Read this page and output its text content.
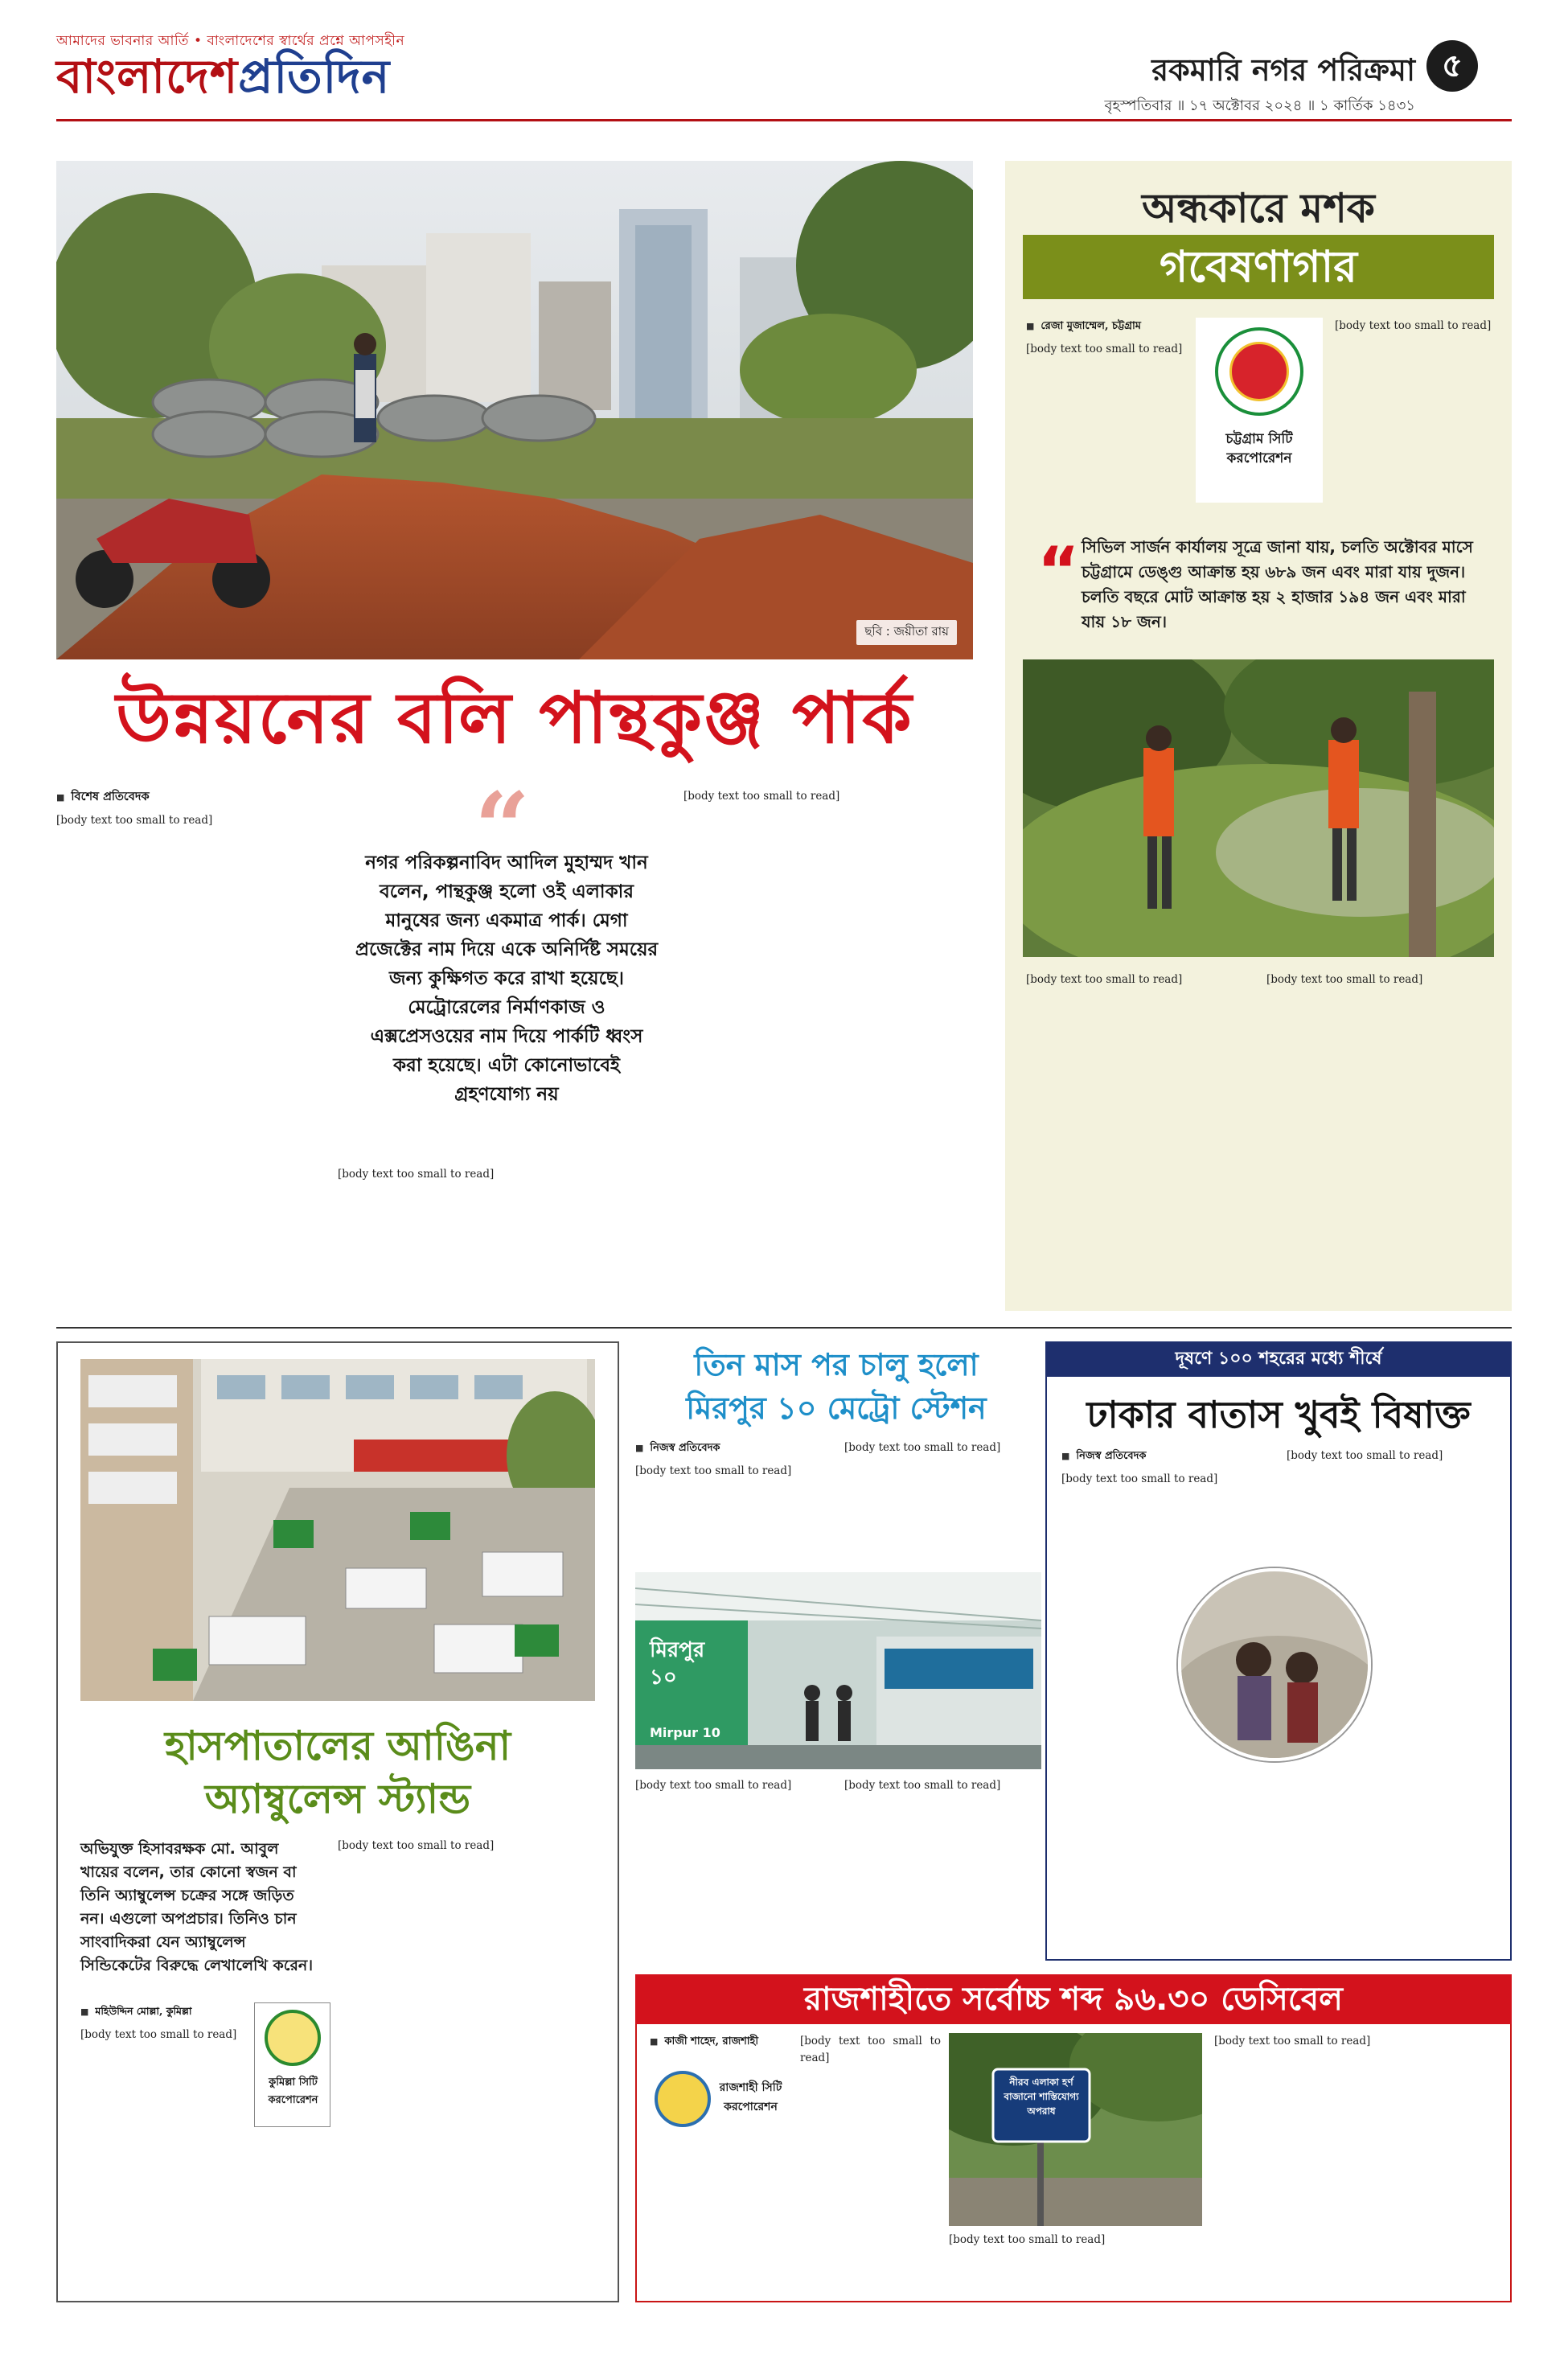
আমাদের ভাবনার আর্তি • বাংলাদেশের স্বার্থের প্রশ্নে আপসহীন
বাংলাদেশপ্রতিদিন	রকমারি নগর পরিক্রমা ৫
বৃহস্পতিবার ॥ ১৭ অক্টোবর ২০২৪ ॥ ১ কার্তিক ১৪৩১
ছবি : জয়ীতা রায়
উন্নয়নের বলি পান্থকুঞ্জ পার্ক
■ বিশেষ প্রতিবেদক

[body text too small to read]	“
নগর পরিকল্পনাবিদ আদিল মুহাম্মদ খান বলেন, পান্থকুঞ্জ হলো ওই এলাকার মানুষের জন্য একমাত্র পার্ক। মেগা প্রজেক্টের নাম দিয়ে একে অনির্দিষ্ট সময়ের জন্য কুক্ষিগত করে রাখা হয়েছে। মেট্রোরেলের নির্মাণকাজ ও এক্সপ্রেসওয়ের নাম দিয়ে পার্কটি ধ্বংস করা হয়েছে। এটা কোনোভাবেই গ্রহণযোগ্য নয়

[body text too small to read]

[body text too small to read]

অন্ধকারে মশক
গবেষণাগার
■ রেজা মুজাম্মেল, চট্টগ্রাম

[body text too small to read]

চট্টগ্রাম সিটি
করপোরেশন

[body text too small to read]

“ সিভিল সার্জন কার্যালয় সূত্রে জানা যায়, চলতি অক্টোবর মাসে চট্টগ্রামে ডেঙ্গু আক্রান্ত হয় ৬৮৯ জন এবং মারা যায় দুজন। চলতি বছরে মোট আক্রান্ত হয় ২ হাজার ১৯৪ জন এবং মারা যায় ১৮ জন।

[body text too small to read]	[body text too small to read]

হাসপাতালের আঙিনা
অ্যাম্বুলেন্স স্ট্যান্ড
অভিযুক্ত হিসাবরক্ষক মো. আবুল খায়ের বলেন, তার কোনো স্বজন বা তিনি অ্যাম্বুলেন্স চক্রের সঙ্গে জড়িত নন। এগুলো অপপ্রচার। তিনিও চান সাংবাদিকরা যেন অ্যাম্বুলেন্স সিন্ডিকেটের বিরুদ্ধে লেখালেখি করেন।

[body text too small to read]

■ মহিউদ্দিন মোল্লা, কুমিল্লা

[body text too small to read]

কুমিল্লা সিটি
করপোরেশন
তিন মাস পর চালু হলো
মিরপুর ১০ মেট্রো স্টেশন
■ নিজস্ব প্রতিবেদক

[body text too small to read]

[body text too small to read]

মিরপুর ১০
Mirpur 10

[body text too small to read]	[body text too small to read]

দূষণে ১০০ শহরের মধ্যে শীর্ষে
ঢাকার বাতাস খুবই বিষাক্ত
■ নিজস্ব প্রতিবেদক

[body text too small to read]

[body text too small to read]

রাজশাহীতে সর্বোচ্চ শব্দ ৯৬.৩০ ডেসিবেল
■ কাজী শাহেদ, রাজশাহী
রাজশাহী সিটি
করপোরেশন

[body text too small to read]

নীরব এলাকা হর্ণ বাজানো শাস্তিযোগ্য অপরাধ

[body text too small to read]

[body text too small to read]
